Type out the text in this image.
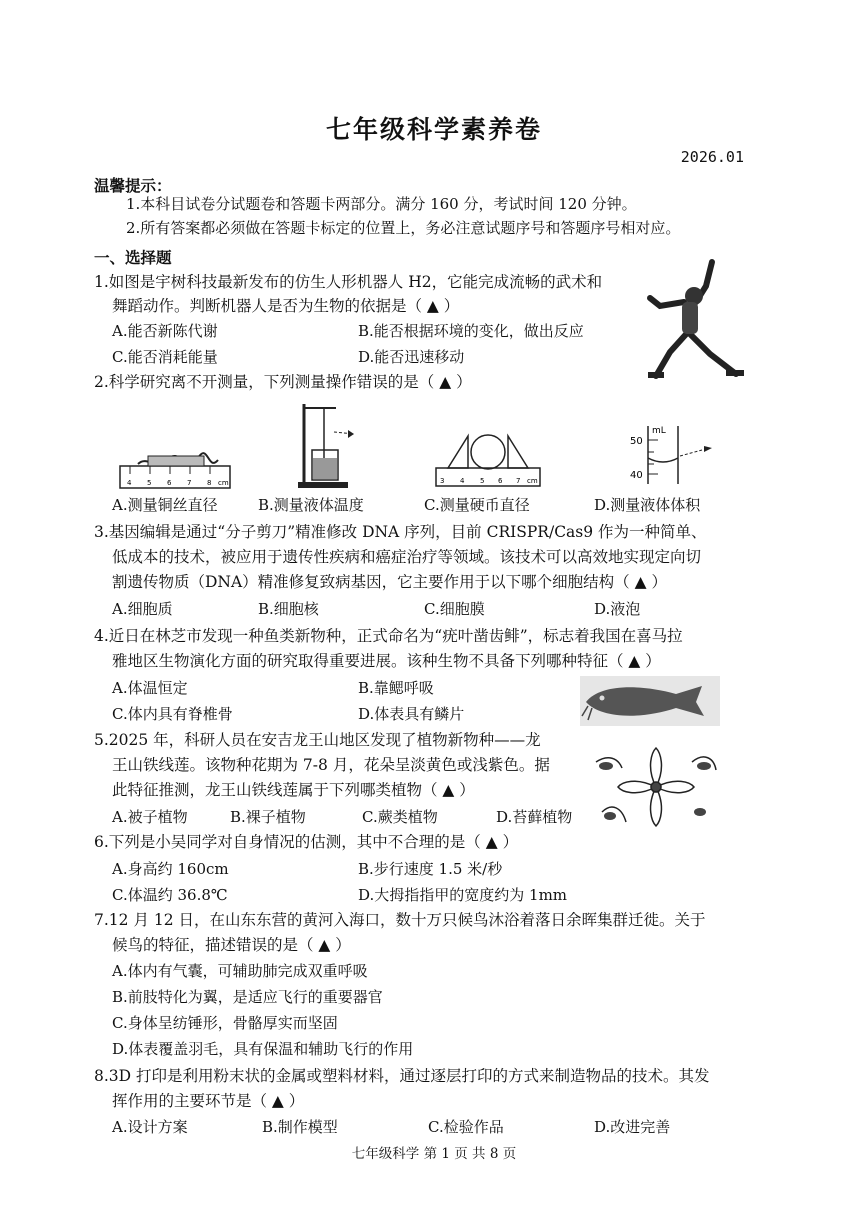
七年级科学素养卷
2026.01
温馨提示：
1.本科目试卷分试题卷和答题卡两部分。满分 160 分，考试时间 120 分钟。
2.所有答案都必须做在答题卡标定的位置上，务必注意试题序号和答题序号相对应。
一、选择题
1.如图是宇树科技最新发布的仿生人形机器人 H2，它能完成流畅的武术和
舞蹈动作。判断机器人是否为生物的依据是（ ▲ ）
A.能否新陈代谢	B.能否根据环境的变化，做出反应
C.能否消耗能量	D.能否迅速移动
2.科学研究离不开测量，下列测量操作错误的是（ ▲ ）
4 5 6 7 8 cm	3 4 5 6 7 cm
mL
50
40
A.测量铜丝直径	B.测量液体温度	C.测量硬币直径	D.测量液体体积
3.基因编辑是通过“分子剪刀”精准修改 DNA 序列，目前 CRISPR/Cas9 作为一种简单、
低成本的技术，被应用于遗传性疾病和癌症治疗等领域。该技术可以高效地实现定向切
割遗传物质（DNA）精准修复致病基因，它主要作用于以下哪个细胞结构（ ▲ ）
A.细胞质	B.细胞核	C.细胞膜	D.液泡
4.近日在林芝市发现一种鱼类新物种，正式命名为“疣叶凿齿鲱”，标志着我国在喜马拉
雅地区生物演化方面的研究取得重要进展。该种生物不具备下列哪种特征（ ▲ ）
A.体温恒定	B.靠鳃呼吸
C.体内具有脊椎骨	D.体表具有鳞片
5.2025 年，科研人员在安吉龙王山地区发现了植物新物种——龙
王山铁线莲。该物种花期为 7-8 月，花朵呈淡黄色或浅紫色。据
此特征推测，龙王山铁线莲属于下列哪类植物（ ▲ ）
A.被子植物	B.裸子植物	C.蕨类植物	D.苔藓植物
6.下列是小吴同学对自身情况的估测，其中不合理的是（ ▲ ）
A.身高约 160cm	B.步行速度 1.5 米/秒
C.体温约 36.8℃	D.大拇指指甲的宽度约为 1mm
7.12 月 12 日，在山东东营的黄河入海口，数十万只候鸟沐浴着落日余晖集群迁徙。关于
候鸟的特征，描述错误的是（ ▲ ）
A.体内有气囊，可辅助肺完成双重呼吸
B.前肢特化为翼，是适应飞行的重要器官
C.身体呈纺锤形，骨骼厚实而坚固
D.体表覆盖羽毛，具有保温和辅助飞行的作用
8.3D 打印是利用粉末状的金属或塑料材料，通过逐层打印的方式来制造物品的技术。其发
挥作用的主要环节是（ ▲ ）
A.设计方案	B.制作模型	C.检验作品	D.改进完善
七年级科学 第 1 页 共 8 页
